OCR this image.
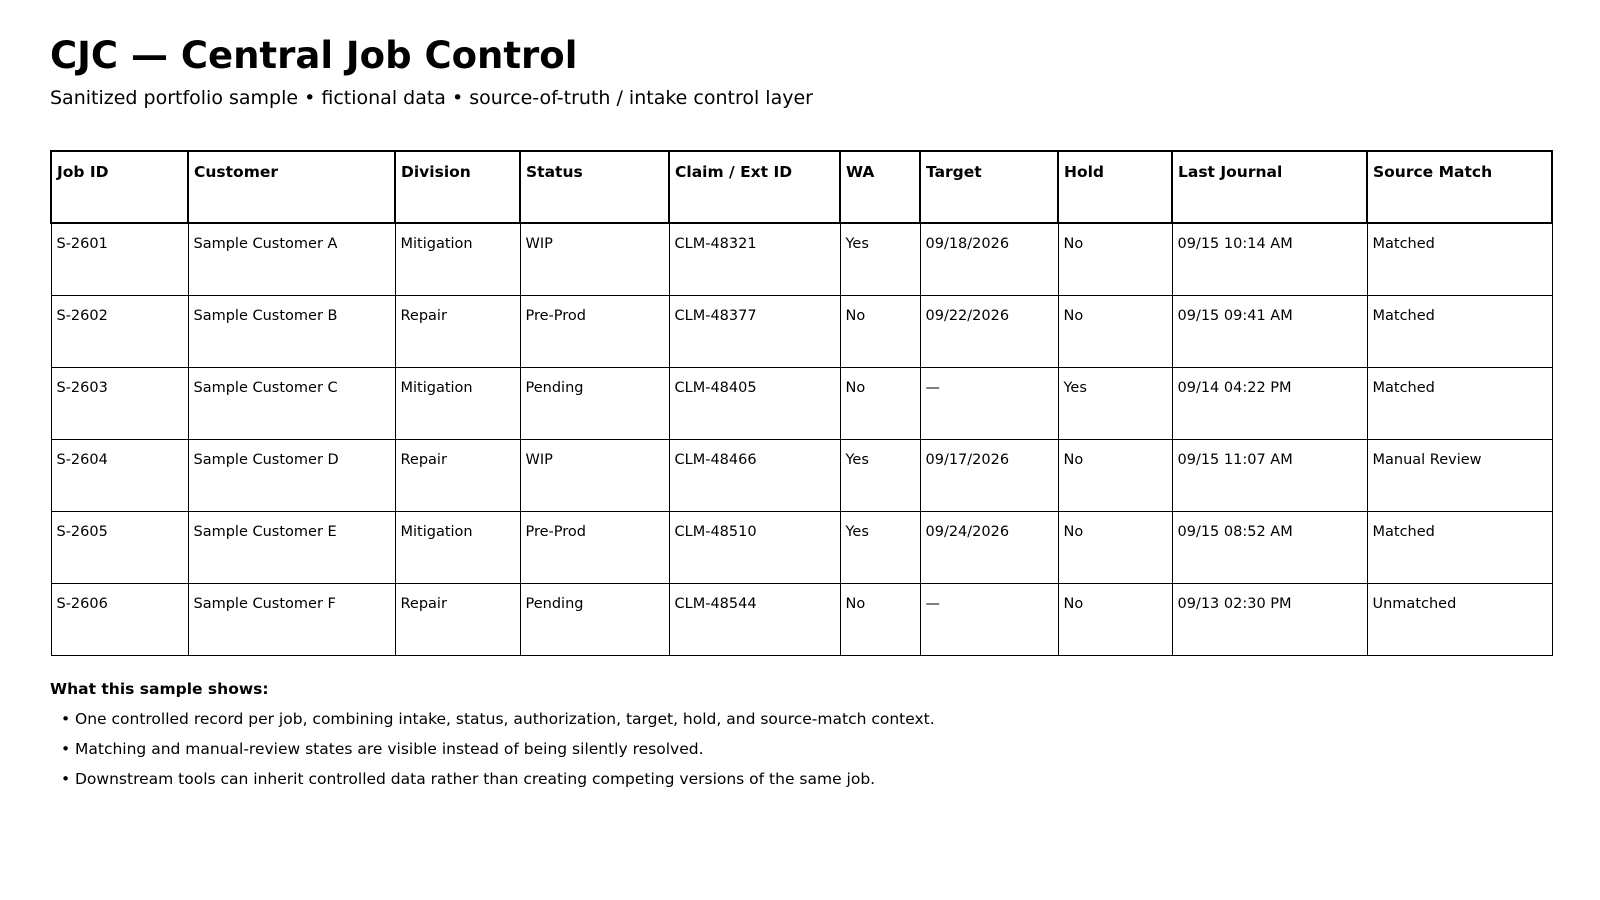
CJC — Central Job Control

Sanitized portfolio sample • fictional data • source-of-truth / intake control layer

Job ID	Customer	Division	Status	Claim / Ext ID	WA	Target	Hold	Last Journal	Source Match
S-2601	Sample Customer A	Mitigation	WIP	CLM-48321	Yes	09/18/2026	No	09/15 10:14 AM	Matched
S-2602	Sample Customer B	Repair	Pre-Prod	CLM-48377	No	09/22/2026	No	09/15 09:41 AM	Matched
S-2603	Sample Customer C	Mitigation	Pending	CLM-48405	No	—	Yes	09/14 04:22 PM	Matched
S-2604	Sample Customer D	Repair	WIP	CLM-48466	Yes	09/17/2026	No	09/15 11:07 AM	Manual Review
S-2605	Sample Customer E	Mitigation	Pre-Prod	CLM-48510	Yes	09/24/2026	No	09/15 08:52 AM	Matched
S-2606	Sample Customer F	Repair	Pending	CLM-48544	No	—	No	09/13 02:30 PM	Unmatched

What this sample shows:

• One controlled record per job, combining intake, status, authorization, target, hold, and source-match context.
• Matching and manual-review states are visible instead of being silently resolved.
• Downstream tools can inherit controlled data rather than creating competing versions of the same job.
